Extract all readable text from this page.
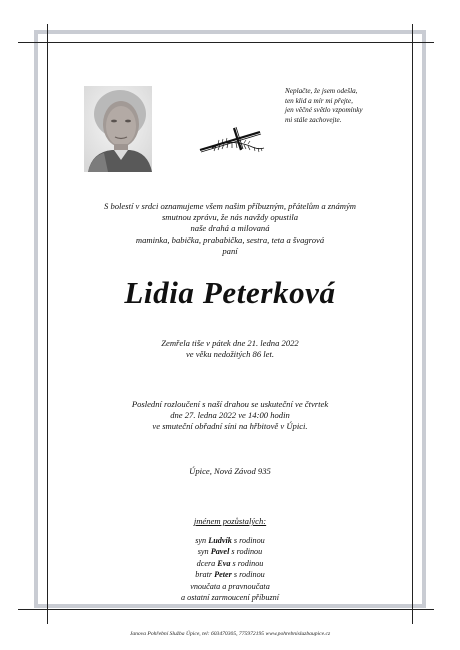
Neplačte, že jsem odešla,
ten klid a mír mi přejte,
jen věčné světlo vzpomínky
mi stále zachovejte.
S bolestí v srdci oznamujeme všem našim příbuzným, přátelům a známým
smutnou zprávu, že nás navždy opustila
naše drahá a milovaná
maminka, babička, prababička, sestra, teta a švagrová
paní
Lidia Peterková
Zemřela tiše v pátek dne 21. ledna 2022
ve věku nedožitých 86 let.
Poslední rozloučení s naší drahou se uskuteční ve čtvrtek
dne 27. ledna 2022 ve 14:00 hodin
ve smuteční obřadní síni na hřbitově v Úpici.
Úpice, Nová Závod 935
jménem pozůstalých:
syn Ludvík s rodinou
syn Pavel s rodinou
dcera Eva s rodinou
bratr Peter s rodinou
vnoučata a pravnoučata
a ostatní zarmoucení příbuzní
Janova Pohřební Služba Úpice, tel: 603470305, 775972195 www.pohrebnisluzbaupice.cz
